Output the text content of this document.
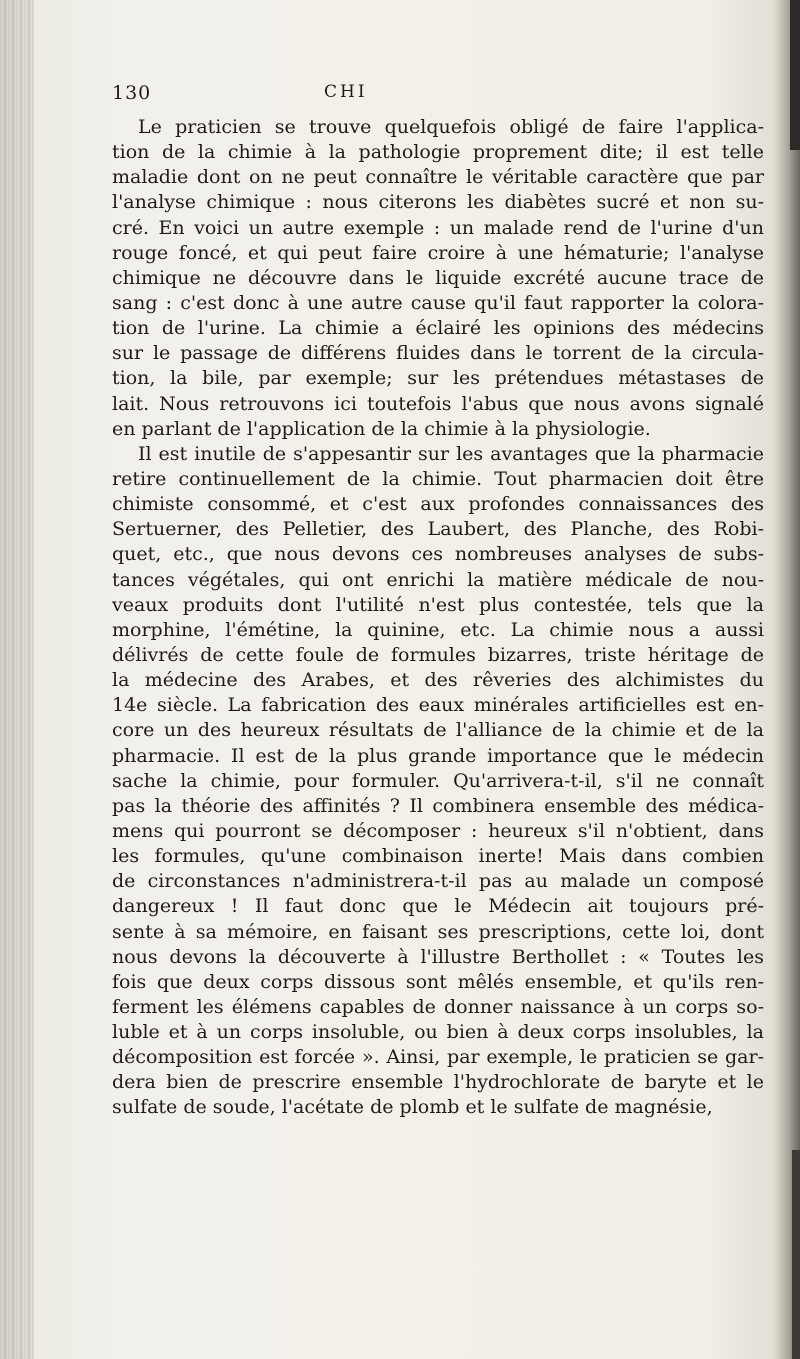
130	CHI
Le praticien se trouve quelquefois obligé de faire l'applica-
tion de la chimie à la pathologie proprement dite; il est telle
maladie dont on ne peut connaître le véritable caractère que par
l'analyse chimique : nous citerons les diabètes sucré et non su-
cré. En voici un autre exemple : un malade rend de l'urine d'un
rouge foncé, et qui peut faire croire à une hématurie; l'analyse
chimique ne découvre dans le liquide excrété aucune trace de
sang : c'est donc à une autre cause qu'il faut rapporter la colora-
tion de l'urine. La chimie a éclairé les opinions des médecins
sur le passage de différens fluides dans le torrent de la circula-
tion, la bile, par exemple; sur les prétendues métastases de
lait. Nous retrouvons ici toutefois l'abus que nous avons signalé
en parlant de l'application de la chimie à la physiologie.
Il est inutile de s'appesantir sur les avantages que la pharmacie
retire continuellement de la chimie. Tout pharmacien doit être
chimiste consommé, et c'est aux profondes connaissances des
Sertuerner, des Pelletier, des Laubert, des Planche, des Robi-
quet, etc., que nous devons ces nombreuses analyses de subs-
tances végétales, qui ont enrichi la matière médicale de nou-
veaux produits dont l'utilité n'est plus contestée, tels que la
morphine, l'émétine, la quinine, etc. La chimie nous a aussi
délivrés de cette foule de formules bizarres, triste héritage de
la médecine des Arabes, et des rêveries des alchimistes du
14e siècle. La fabrication des eaux minérales artificielles est en-
core un des heureux résultats de l'alliance de la chimie et de la
pharmacie. Il est de la plus grande importance que le médecin
sache la chimie, pour formuler. Qu'arrivera-t-il, s'il ne connaît
pas la théorie des affinités ? Il combinera ensemble des médica-
mens qui pourront se décomposer : heureux s'il n'obtient, dans
les formules, qu'une combinaison inerte! Mais dans combien
de circonstances n'administrera-t-il pas au malade un composé
dangereux ! Il faut donc que le Médecin ait toujours pré-
sente à sa mémoire, en faisant ses prescriptions, cette loi, dont
nous devons la découverte à l'illustre Berthollet : « Toutes les
fois que deux corps dissous sont mêlés ensemble, et qu'ils ren-
ferment les élémens capables de donner naissance à un corps so-
luble et à un corps insoluble, ou bien à deux corps insolubles, la
décomposition est forcée ». Ainsi, par exemple, le praticien se gar-
dera bien de prescrire ensemble l'hydrochlorate de baryte et le
sulfate de soude, l'acétate de plomb et le sulfate de magnésie,
